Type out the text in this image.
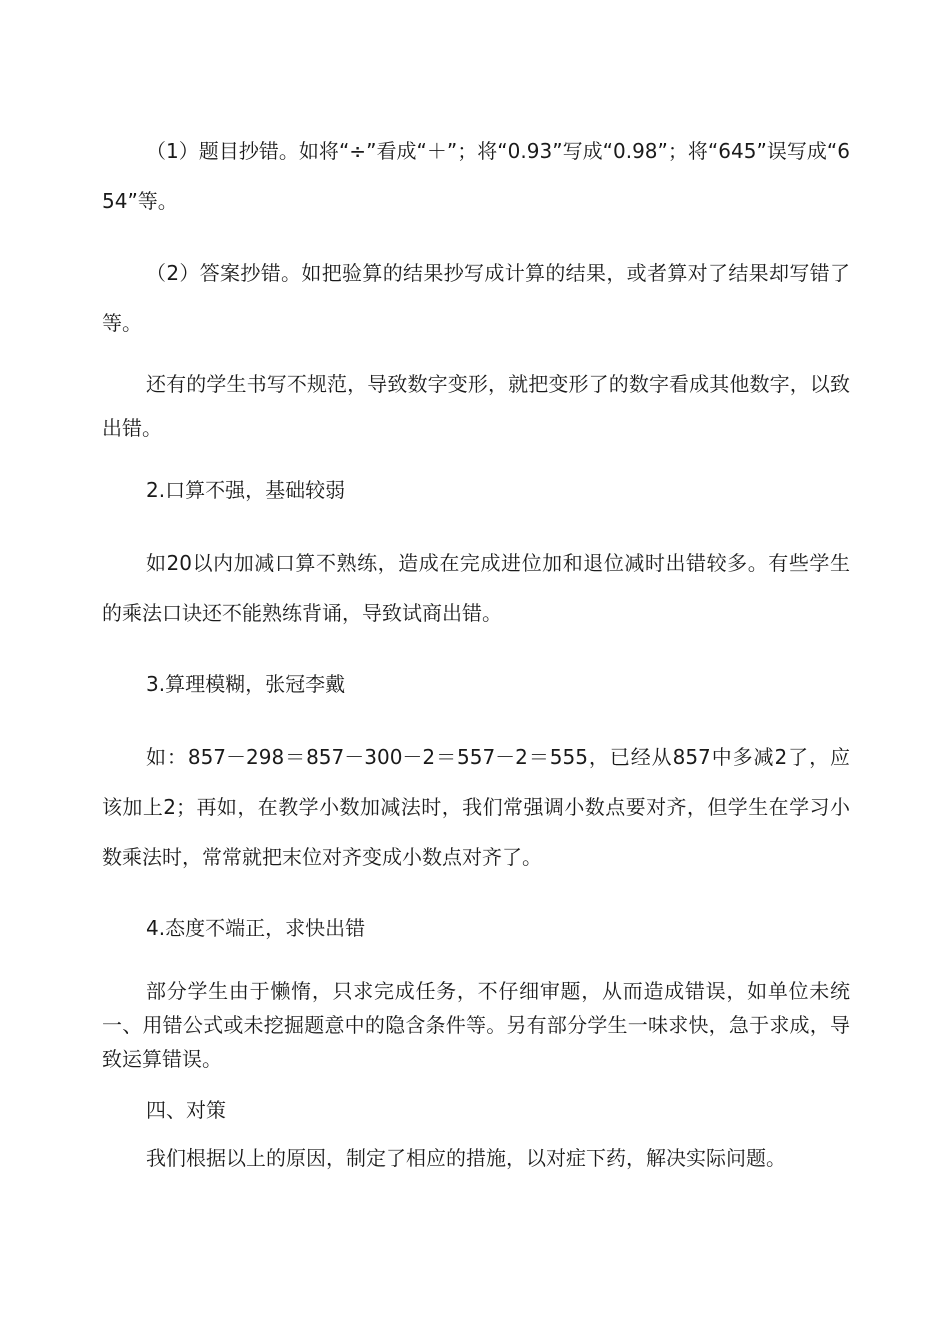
（1）题目抄错。如将“÷”看成“＋”；将“0.93”写成“0.98”；将“645”误写成“654”等。

（2）答案抄错。如把验算的结果抄写成计算的结果，或者算对了结果却写错了等。

还有的学生书写不规范，导致数字变形，就把变形了的数字看成其他数字，以致出错。

2.口算不强，基础较弱

如20以内加减口算不熟练，造成在完成进位加和退位减时出错较多。有些学生的乘法口诀还不能熟练背诵，导致试商出错。

3.算理模糊，张冠李戴

如：857－298＝857－300－2＝557－2＝555，已经从857中多减2了，应该加上2；再如，在教学小数加减法时，我们常强调小数点要对齐，但学生在学习小数乘法时，常常就把末位对齐变成小数点对齐了。

4.态度不端正，求快出错

部分学生由于懒惰，只求完成任务，不仔细审题，从而造成错误，如单位未统一、用错公式或未挖掘题意中的隐含条件等。另有部分学生一味求快，急于求成，导致运算错误。

四、对策

我们根据以上的原因，制定了相应的措施，以对症下药，解决实际问题。
